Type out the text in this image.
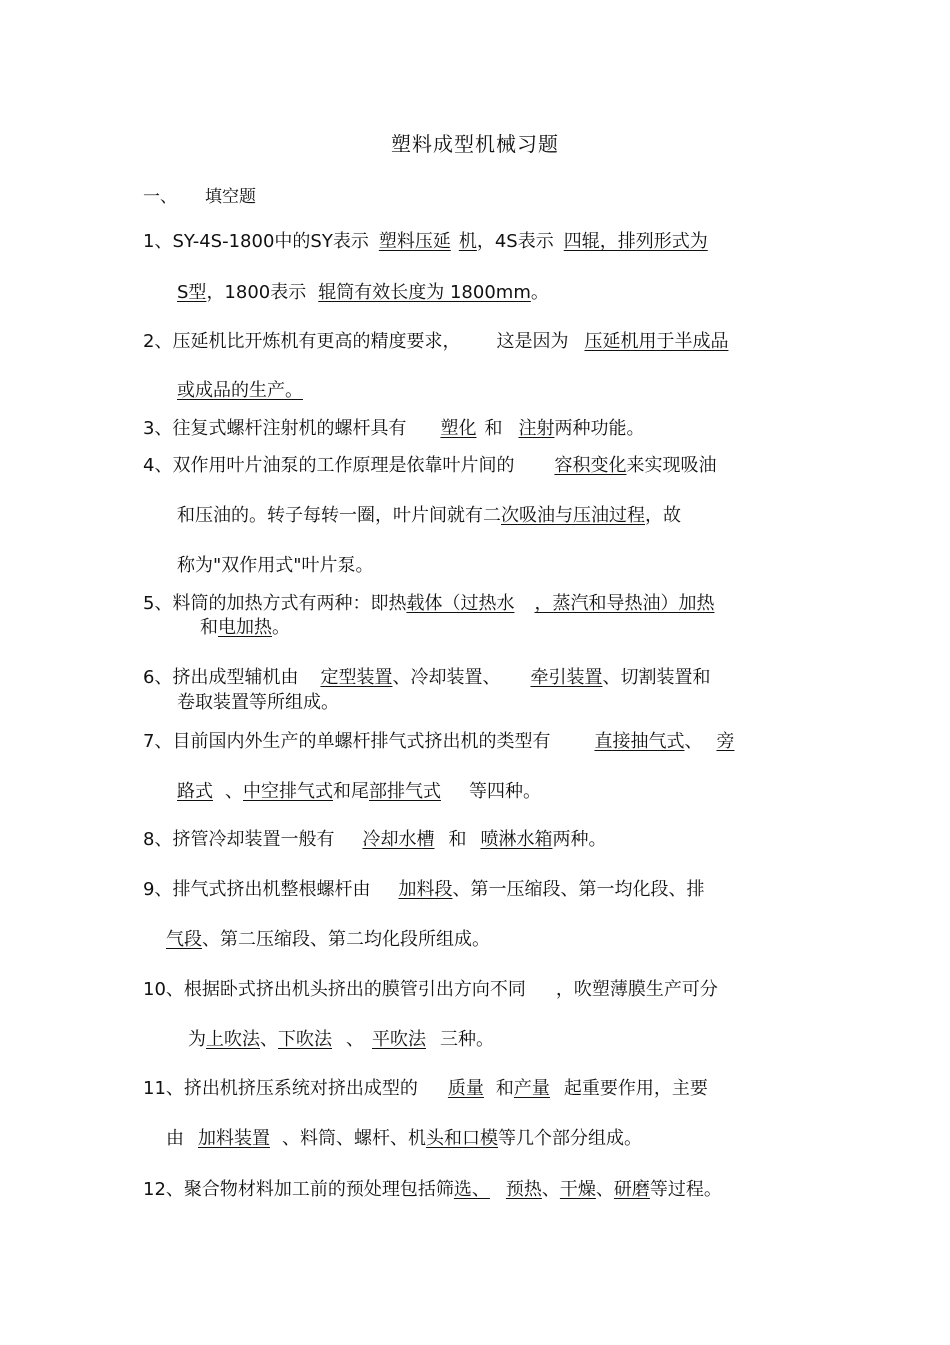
塑料成型机械习题
一、 填空题
1、SY-4S-1800中的SY表示 塑料压延 机，4S表示 四辊，排列形式为
S型，1800表示 辊筒有效长度为 1800mm。
2、压延机比开炼机有更高的精度要求， 这是因为 压延机用于半成品
或成品的生产。
3、往复式螺杆注射机的螺杆具有 塑化 和 注射两种功能。
4、双作用叶片油泵的工作原理是依靠叶片间的 容积变化来实现吸油
和压油的。转子每转一圈，叶片间就有二次吸油与压油过程，故
称为"双作用式"叶片泵。
5、料筒的加热方式有两种：即热载体（过热水 ，蒸汽和导热油）加热
和电加热。
6、挤出成型辅机由 定型装置、冷却装置、 牵引装置、切割装置和
卷取装置等所组成。
7、目前国内外生产的单螺杆排气式挤出机的类型有 直接抽气式、 旁
路式 、中空排气式和尾部排气式 等四种。
8、挤管冷却装置一般有 冷却水槽 和 喷淋水箱两种。
9、排气式挤出机整根螺杆由 加料段、第一压缩段、第一均化段、排
气段、第二压缩段、第二均化段所组成。
10、根据卧式挤出机头挤出的膜管引出方向不同 ，吹塑薄膜生产可分
为上吹法、下吹法 、 平吹法 三种。
11、挤出机挤压系统对挤出成型的 质量 和产量 起重要作用，主要
由 加料装置 、料筒、螺杆、机头和口模等几个部分组成。
12、聚合物材料加工前的预处理包括筛选、 预热、干燥、研磨等过程。
